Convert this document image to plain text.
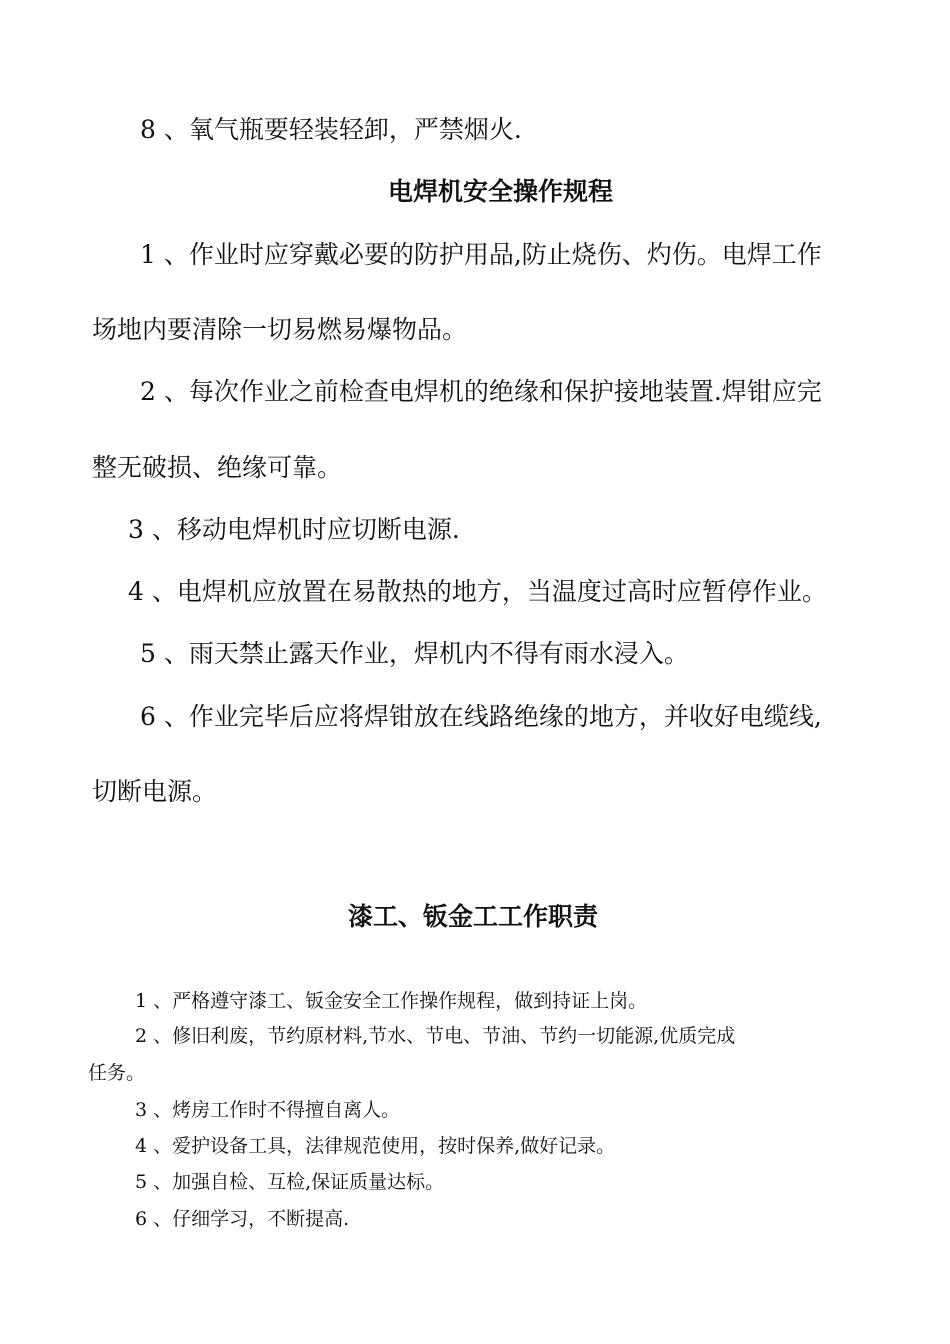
8 、氧气瓶要轻装轻卸，严禁烟火.
电焊机安全操作规程
1 、作业时应穿戴必要的防护用品,防止烧伤、灼伤。电焊工作
场地内要清除一切易燃易爆物品。
2 、每次作业之前检查电焊机的绝缘和保护接地装置.焊钳应完
整无破损、绝缘可靠。
3 、移动电焊机时应切断电源.
4 、电焊机应放置在易散热的地方，当温度过高时应暂停作业。
5 、雨天禁止露天作业，焊机内不得有雨水浸入。
6 、作业完毕后应将焊钳放在线路绝缘的地方，并收好电缆线,
切断电源。
漆工、钣金工工作职责
1 、严格遵守漆工、钣金安全工作操作规程，做到持证上岗。
2 、修旧利废，节约原材料,节水、节电、节油、节约一切能源,优质完成
任务。
3 、烤房工作时不得擅自离人。
4 、爱护设备工具，法律规范使用，按时保养,做好记录。
5 、加强自检、互检,保证质量达标。
6 、仔细学习，不断提高.
